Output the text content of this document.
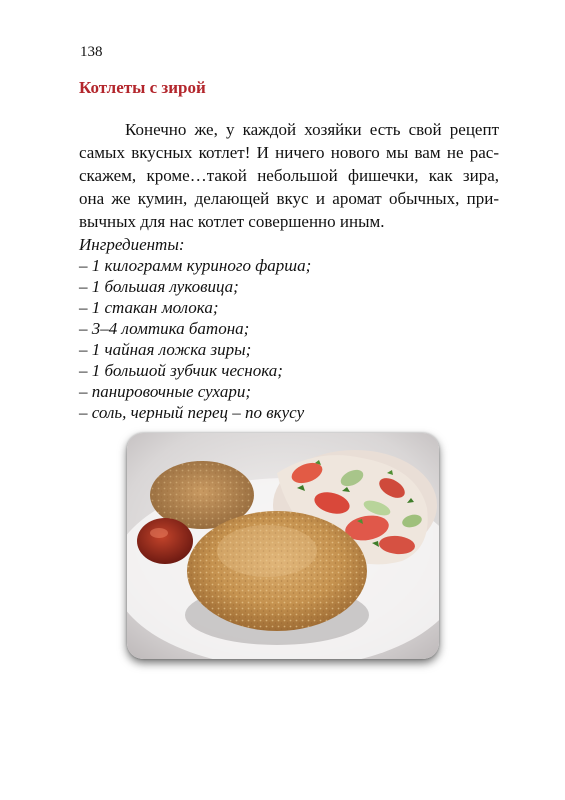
138
Котлеты с зирой
Конечно же, у каждой хозяйки есть свой рецепт
самых вкусных котлет! И ничего нового мы вам не рас-
скажем, кроме…такой небольшой фишечки, как зира,
она же кумин, делающей вкус и аромат обычных, при-
вычных для нас котлет совершенно иным.
Ингредиенты:
– 1 килограмм куриного фарша;
– 1 большая луковица;
– 1 стакан молока;
– 3–4 ломтика батона;
– 1 чайная ложка зиры;
– 1 большой зубчик чеснока;
– панировочные сухари;
– соль, черный перец – по вкусу
